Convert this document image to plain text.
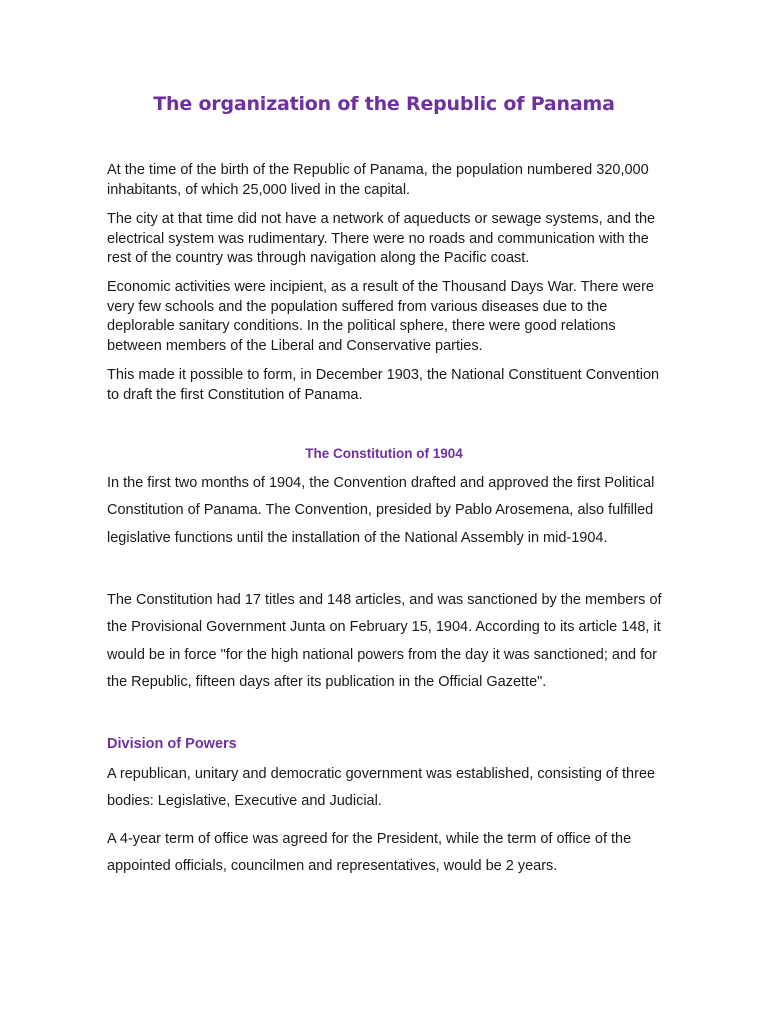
The organization of the Republic of Panama

At the time of the birth of the Republic of Panama, the population numbered 320,000 inhabitants, of which 25,000 lived in the capital.

The city at that time did not have a network of aqueducts or sewage systems, and the electrical system was rudimentary. There were no roads and communication with the rest of the country was through navigation along the Pacific coast.

Economic activities were incipient, as a result of the Thousand Days War. There were very few schools and the population suffered from various diseases due to the deplorable sanitary conditions. In the political sphere, there were good relations between members of the Liberal and Conservative parties.

This made it possible to form, in December 1903, the National Constituent Convention to draft the first Constitution of Panama.

The Constitution of 1904

In the first two months of 1904, the Convention drafted and approved the first Political Constitution of Panama. The Convention, presided by Pablo Arosemena, also fulfilled legislative functions until the installation of the National Assembly in mid-1904.

The Constitution had 17 titles and 148 articles, and was sanctioned by the members of the Provisional Government Junta on February 15, 1904. According to its article 148, it would be in force "for the high national powers from the day it was sanctioned; and for the Republic, fifteen days after its publication in the Official Gazette".

Division of Powers

A republican, unitary and democratic government was established, consisting of three bodies: Legislative, Executive and Judicial.

A 4-year term of office was agreed for the President, while the term of office of the appointed officials, councilmen and representatives, would be 2 years.
